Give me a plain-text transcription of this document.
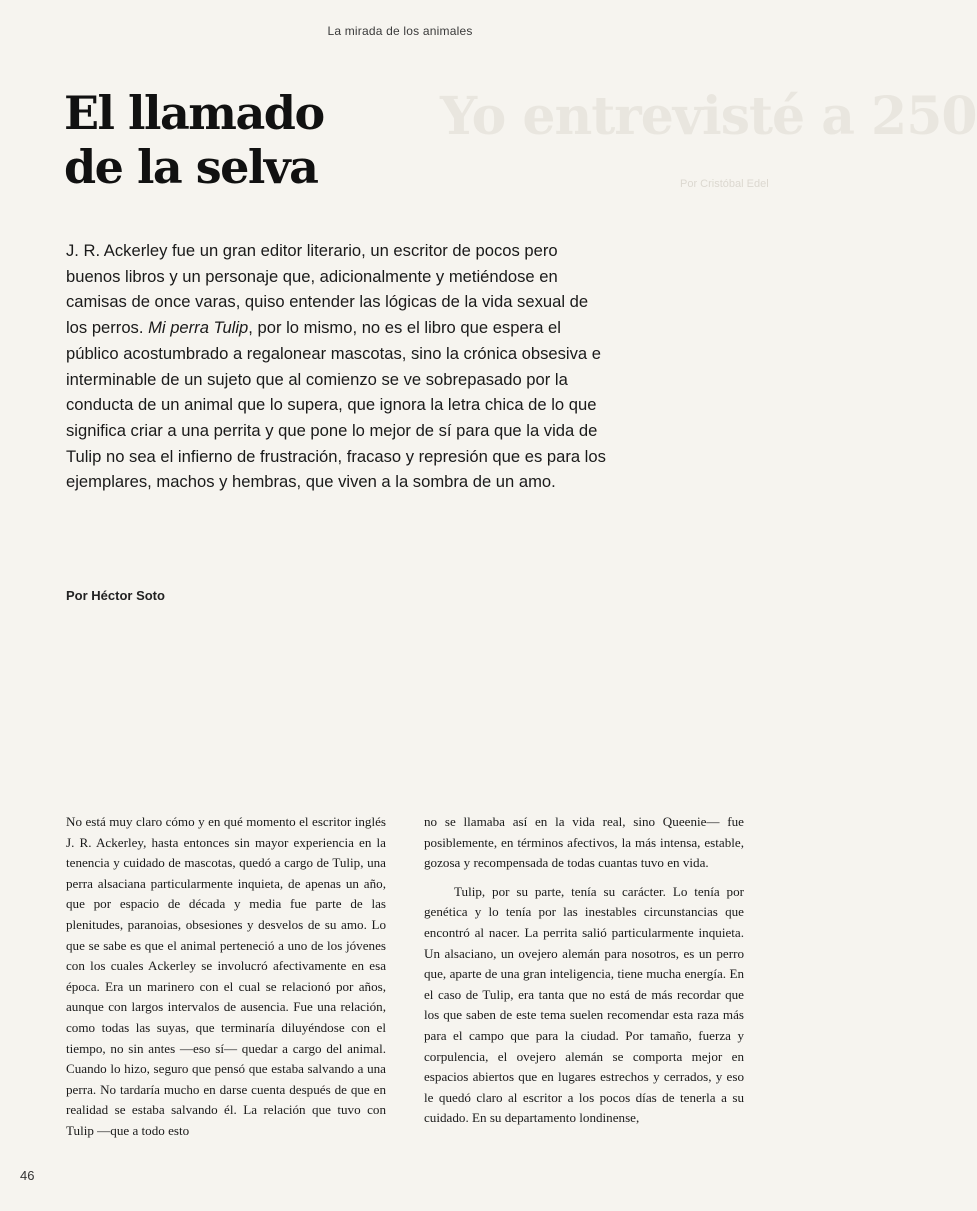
Yo entrevisté a 250
Por Cristóbal Edel
La mirada de los animales
El llamado
de la selva

J. R. Ackerley fue un gran editor literario, un escritor de pocos pero buenos libros y un personaje que, adicionalmente y metiéndose en camisas de once varas, quiso entender las lógicas de la vida sexual de los perros. Mi perra Tulip, por lo mismo, no es el libro que espera el público acostumbrado a regalonear mascotas, sino la crónica obsesiva e interminable de un sujeto que al comienzo se ve sobrepasado por la conducta de un animal que lo supera, que ignora la letra chica de lo que significa criar a una perrita y que pone lo mejor de sí para que la vida de Tulip no sea el infierno de frustración, fracaso y represión que es para los ejemplares, machos y hembras, que viven a la sombra de un amo.

Por Héctor Soto

No está muy claro cómo y en qué momento el escritor inglés J. R. Ackerley, hasta entonces sin mayor experiencia en la tenencia y cuidado de mascotas, quedó a cargo de Tulip, una perra alsaciana particularmente inquieta, de apenas un año, que por espacio de década y media fue parte de las plenitudes, paranoias, obsesiones y desvelos de su amo. Lo que se sabe es que el animal perteneció a uno de los jóvenes con los cuales Ackerley se involucró afectivamente en esa época. Era un marinero con el cual se relacionó por años, aunque con largos intervalos de ausencia. Fue una relación, como todas las suyas, que terminaría diluyéndose con el tiempo, no sin antes —eso sí— quedar a cargo del animal. Cuando lo hizo, seguro que pensó que estaba salvando a una perra. No tardaría mucho en darse cuenta después de que en realidad se estaba salvando él. La relación que tuvo con Tulip —que a todo esto

no se llamaba así en la vida real, sino Queenie— fue posiblemente, en términos afectivos, la más intensa, estable, gozosa y recompensada de todas cuantas tuvo en vida.

Tulip, por su parte, tenía su carácter. Lo tenía por genética y lo tenía por las inestables circunstancias que encontró al nacer. La perrita salió particularmente inquieta. Un alsaciano, un ovejero alemán para nosotros, es un perro que, aparte de una gran inteligencia, tiene mucha energía. En el caso de Tulip, era tanta que no está de más recordar que los que saben de este tema suelen recomendar esta raza más para el campo que para la ciudad. Por tamaño, fuerza y corpulencia, el ovejero alemán se comporta mejor en espacios abiertos que en lugares estrechos y cerrados, y eso le quedó claro al escritor a los pocos días de tenerla a su cuidado. En su departamento londinense,

46
